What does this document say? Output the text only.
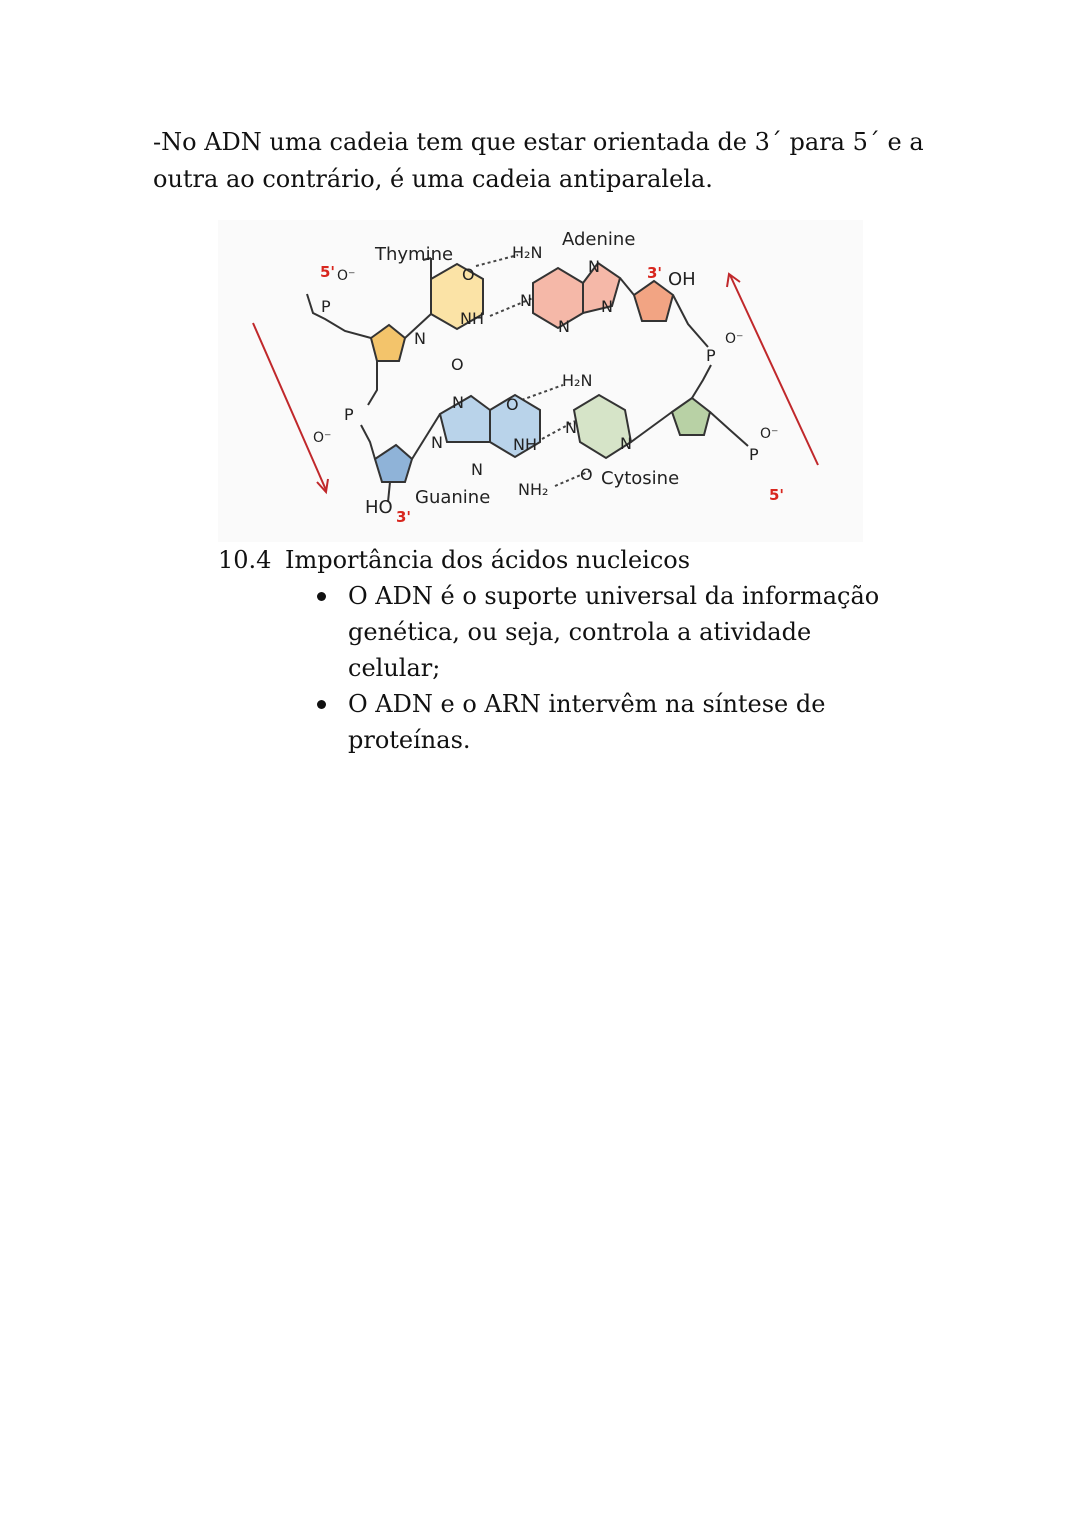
-No ADN uma cadeia tem que estar orientada de 3´ para 5´ e a outra ao contrário, é uma cadeia antiparalela.

Thymine
Adenine
Guanine
Cytosine
H₂N
H₂N
NH
NH
NH₂
OH
HO
P
P
P
P
O
O
N
O
O
N
N
N
N
N
N
N
N
N
O⁻
O⁻
O⁻
O⁻
5'	3'
3'
5'

10.4 Importância dos ácidos nucleicos

O ADN é o suporte universal da informação genética, ou seja, controla a atividade celular;
O ADN e o ARN intervêm na síntese de proteínas.
